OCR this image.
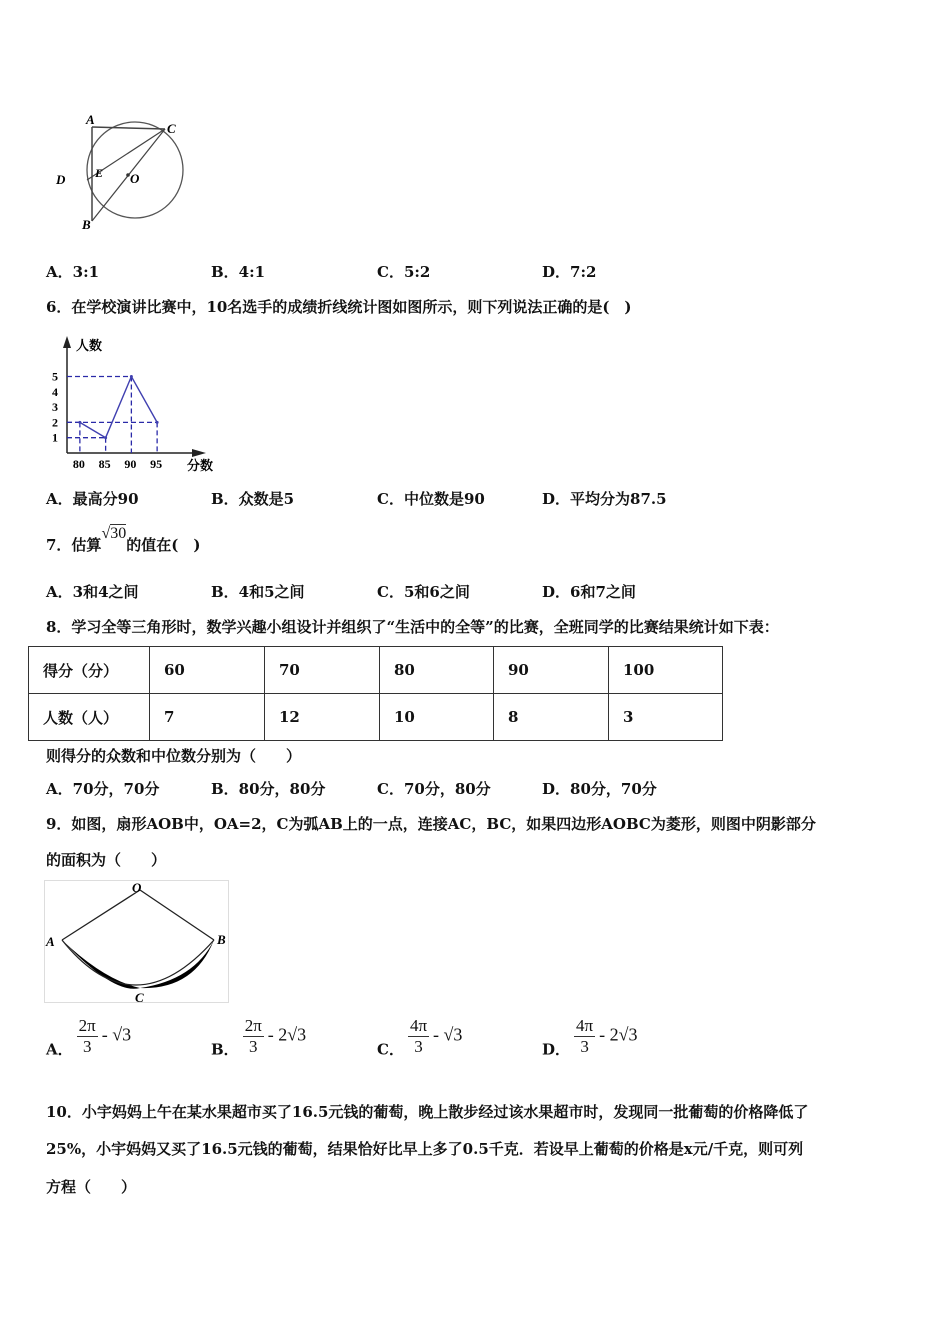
A
C
D E O
B
A．3:1	B．4:1	C．5:2	D．7:2
6．在学校演讲比赛中，10名选手的成绩折线统计图如图所示，则下列说法正确的是(　)
人数
分数
1
2
3
4
5
80 85 90 95
A．最高分90	B．众数是5	C．中位数是90	D．平均分为87.5
7．估算√30的值在(　)
A．3和4之间	B．4和5之间	C．5和6之间	D．6和7之间
8．学习全等三角形时，数学兴趣小组设计并组织了“生活中的全等”的比赛，全班同学的比赛结果统计如下表：
得分（分）	60	70	80	90	100
人数（人）	7	12	10	8	3
则得分的众数和中位数分别为（　　）
A．70分，70分	B．80分，80分	C．70分，80分	D．80分，70分
9．如图，扇形AOB中，OA=2，C为弧AB上的一点，连接AC，BC，如果四边形AOBC为菱形，则图中阴影部分
的面积为（　　）
O
A	B
C
A． $\frac{2\pi}{3} - √3$
B． $\frac{2\pi}{3} - 2√3$
C． $\frac{4\pi}{3} - √3$
D． $\frac{4\pi}{3} - 2√3$
10．小宇妈妈上午在某水果超市买了16.5元钱的葡萄，晚上散步经过该水果超市时，发现同一批葡萄的价格降低了
25%，小宇妈妈又买了16.5元钱的葡萄，结果恰好比早上多了0.5千克．若设早上葡萄的价格是x元/千克，则可列
方程（　　）
